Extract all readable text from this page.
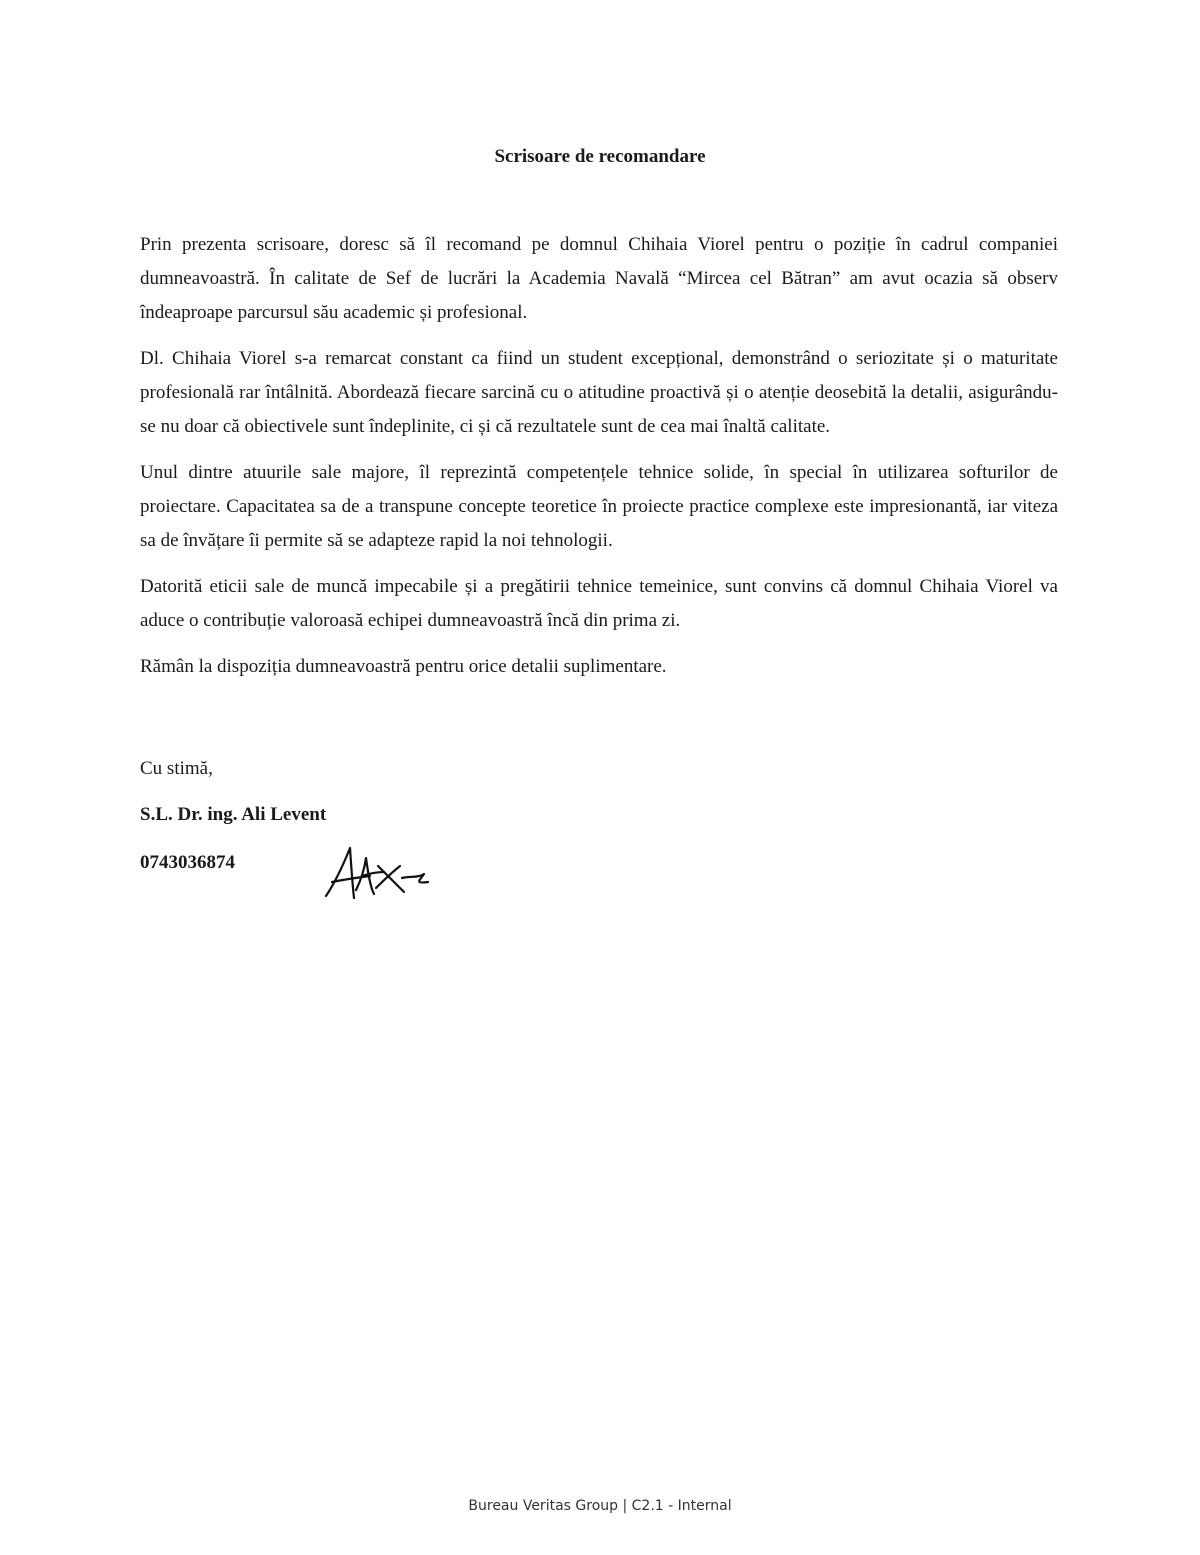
Scrisoare de recomandare

Prin prezenta scrisoare, doresc să îl recomand pe domnul Chihaia Viorel pentru o poziție în cadrul companiei dumneavoastră. În calitate de Sef de lucrări la Academia Navală “Mircea cel Bătran” am avut ocazia să observ îndeaproape parcursul său academic și profesional.

Dl. Chihaia Viorel s-a remarcat constant ca fiind un student excepțional, demonstrând o seriozitate și o maturitate profesională rar întâlnită. Abordează fiecare sarcină cu o atitudine proactivă și o atenție deosebită la detalii, asigurându-se nu doar că obiectivele sunt îndeplinite, ci și că rezultatele sunt de cea mai înaltă calitate.

Unul dintre atuurile sale majore, îl reprezintă competențele tehnice solide, în special în utilizarea softurilor de proiectare. Capacitatea sa de a transpune concepte teoretice în proiecte practice complexe este impresionantă, iar viteza sa de învățare îi permite să se adapteze rapid la noi tehnologii.

Datorită eticii sale de muncă impecabile și a pregătirii tehnice temeinice, sunt convins că domnul Chihaia Viorel va aduce o contribuție valoroasă echipei dumneavoastră încă din prima zi.

Rămân la dispoziția dumneavoastră pentru orice detalii suplimentare.

Cu stimă,
S.L. Dr. ing. Ali Levent
0743036874
Bureau Veritas Group | C2.1 - Internal
